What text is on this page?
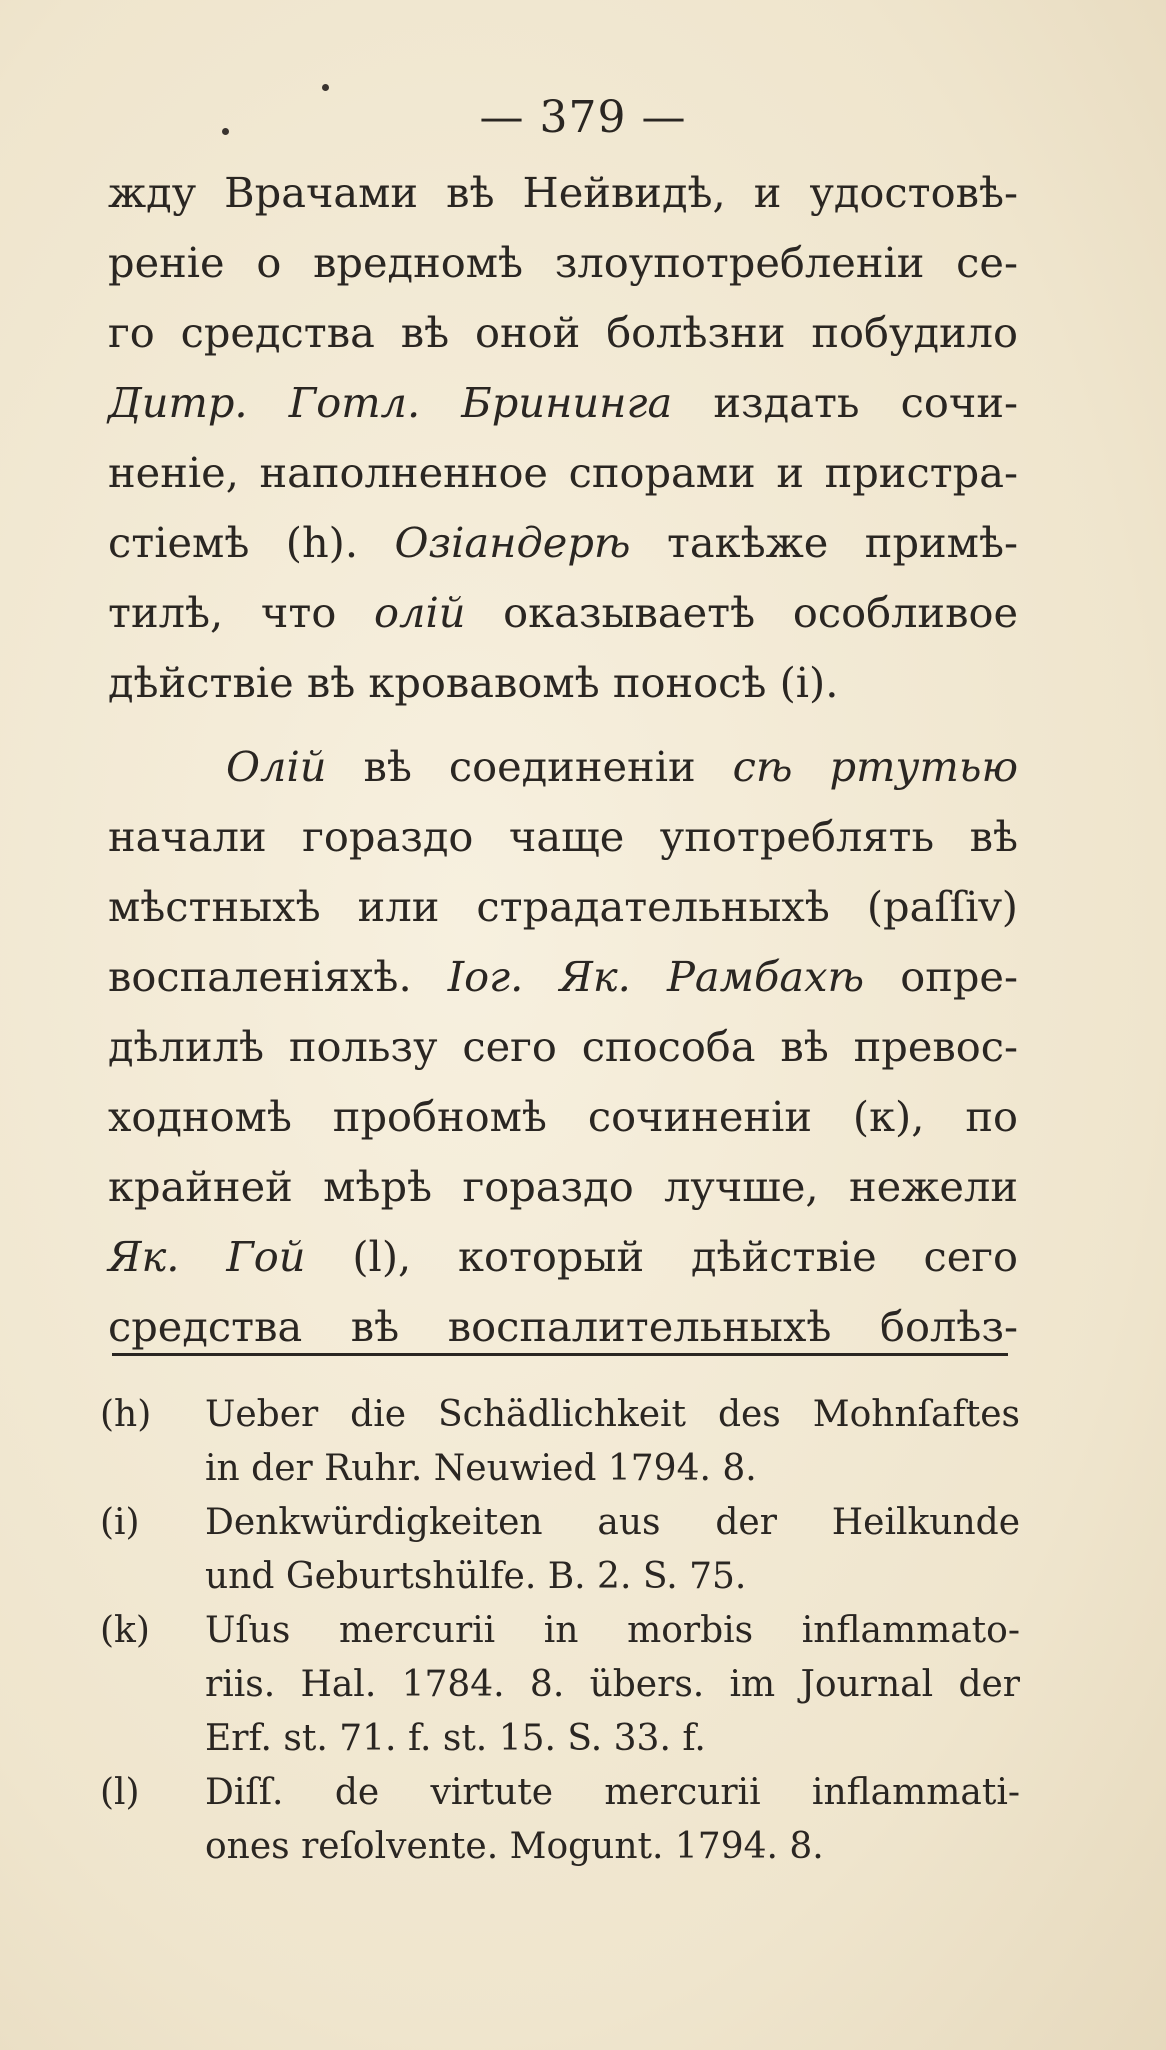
— 379 —
жду Врачами вѣ Нейвидѣ, и удостовѣ-
реніе о вредномѣ злоупотребленіи се-
го средства вѣ оной болѣзни побудило
Дитр. Готл. Брининга издать сочи-
неніе, наполненное спорами и пристра-
стіемѣ (h). Озіандерѣ такѣже примѣ-
тилѣ, что олій оказываетѣ особливое
дѣйствіе вѣ кровавомѣ поносѣ (i).
Олій вѣ соединеніи сѣ ртутью
начали гораздо чаще употреблять вѣ
мѣстныхѣ или страдательныхѣ (paſſiv)
воспаленіяхѣ. Іог. Як. Рамбахѣ опре-
дѣлилѣ пользу сего способа вѣ превос-
ходномѣ пробномѣ сочиненіи (к), по
крайней мѣрѣ гораздо лучше, нежели
Як. Гой (l), который дѣйствіе сего
средства вѣ воспалительныхѣ болѣз-
(h)	Ueber die Schädlichkeit des Mohnſaftes
in der Ruhr. Neuwied 1794. 8.
(i)	Denkwürdigkeiten aus der Heilkunde
und Geburtshülfe. B. 2. S. 75.
(k)	Uſus mercurii in morbis inflammato-
riis. Hal. 1784. 8. übers. im Journal der
Erf. st. 71. f. st. 15. S. 33. f.
(l)	Diſſ. de virtute mercurii inflammati-
ones reſolvente. Mogunt. 1794. 8.
